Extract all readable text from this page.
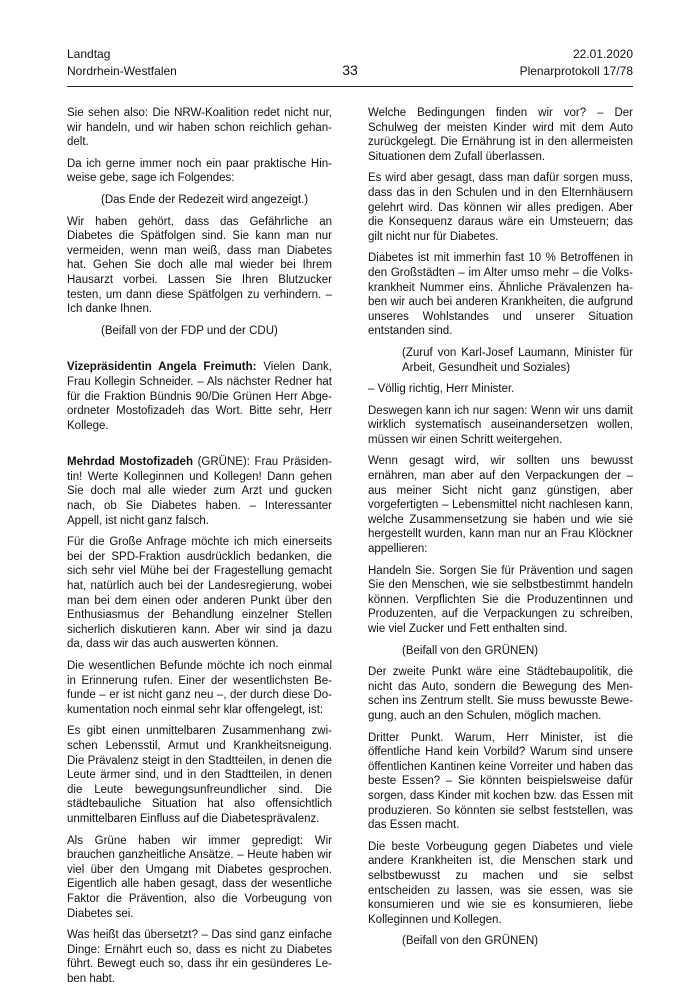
Landtag
Nordrhein-Westfalen	33
22.01.2020
Plenarprotokoll 17/78

Sie sehen also: Die NRW-Koalition redet nicht nur, wir handeln, und wir haben schon reichlich gehandelt.

Da ich gerne immer noch ein paar praktische Hinweise gebe, sage ich Folgendes:

(Das Ende der Redezeit wird angezeigt.)

Wir haben gehört, dass das Gefährliche an Diabetes die Spätfolgen sind. Sie kann man nur vermeiden, wenn man weiß, dass man Diabetes hat. Gehen Sie doch alle mal wieder bei Ihrem Hausarzt vorbei. Lassen Sie Ihren Blutzucker testen, um dann diese Spätfolgen zu verhindern. – Ich danke Ihnen.

(Beifall von der FDP und der CDU)

Vizepräsidentin Angela Freimuth: Vielen Dank, Frau Kollegin Schneider. – Als nächster Redner hat für die Fraktion Bündnis 90/Die Grünen Herr Abgeordneter Mostofizadeh das Wort. Bitte sehr, Herr Kollege.

Mehrdad Mostofizadeh (GRÜNE): Frau Präsidentin! Werte Kolleginnen und Kollegen! Dann gehen Sie doch mal alle wieder zum Arzt und gucken nach, ob Sie Diabetes haben. – Interessanter Appell, ist nicht ganz falsch.

Für die Große Anfrage möchte ich mich einerseits bei der SPD-Fraktion ausdrücklich bedanken, die sich sehr viel Mühe bei der Fragestellung gemacht hat, natürlich auch bei der Landesregierung, wobei man bei dem einen oder anderen Punkt über den Enthusiasmus der Behandlung einzelner Stellen sicherlich diskutieren kann. Aber wir sind ja dazu da, dass wir das auch auswerten können.

Die wesentlichen Befunde möchte ich noch einmal in Erinnerung rufen. Einer der wesentlichsten Befunde – er ist nicht ganz neu –, der durch diese Dokumentation noch einmal sehr klar offengelegt, ist:

Es gibt einen unmittelbaren Zusammenhang zwischen Lebensstil, Armut und Krankheitsneigung. Die Prävalenz steigt in den Stadtteilen, in denen die Leute ärmer sind, und in den Stadtteilen, in denen die Leute bewegungsunfreundlicher sind. Die städtebauliche Situation hat also offensichtlich unmittelbaren Einfluss auf die Diabetesprävalenz.

Als Grüne haben wir immer gepredigt: Wir brauchen ganzheitliche Ansätze. – Heute haben wir viel über den Umgang mit Diabetes gesprochen. Eigentlich alle haben gesagt, dass der wesentliche Faktor die Prävention, also die Vorbeugung von Diabetes sei.

Was heißt das übersetzt? – Das sind ganz einfache Dinge: Ernährt euch so, dass es nicht zu Diabetes führt. Bewegt euch so, dass ihr ein gesünderes Leben habt.

Welche Bedingungen finden wir vor? – Der Schulweg der meisten Kinder wird mit dem Auto zurückgelegt. Die Ernährung ist in den allermeisten Situationen dem Zufall überlassen.

Es wird aber gesagt, dass man dafür sorgen muss, dass das in den Schulen und in den Elternhäusern gelehrt wird. Das können wir alles predigen. Aber die Konsequenz daraus wäre ein Umsteuern; das gilt nicht nur für Diabetes.

Diabetes ist mit immerhin fast 10 % Betroffenen in den Großstädten – im Alter umso mehr – die Volkskrankheit Nummer eins. Ähnliche Prävalenzen haben wir auch bei anderen Krankheiten, die aufgrund unseres Wohlstandes und unserer Situation entstanden sind.

(Zuruf von Karl-Josef Laumann, Minister für Arbeit, Gesundheit und Soziales)

– Völlig richtig, Herr Minister.

Deswegen kann ich nur sagen: Wenn wir uns damit wirklich systematisch auseinandersetzen wollen, müssen wir einen Schritt weitergehen.

Wenn gesagt wird, wir sollten uns bewusst ernähren, man aber auf den Verpackungen der – aus meiner Sicht nicht ganz günstigen, aber vorgefertigten – Lebensmittel nicht nachlesen kann, welche Zusammensetzung sie haben und wie sie hergestellt wurden, kann man nur an Frau Klöckner appellieren:

Handeln Sie. Sorgen Sie für Prävention und sagen Sie den Menschen, wie sie selbstbestimmt handeln können. Verpflichten Sie die Produzentinnen und Produzenten, auf die Verpackungen zu schreiben, wie viel Zucker und Fett enthalten sind.

(Beifall von den GRÜNEN)

Der zweite Punkt wäre eine Städtebaupolitik, die nicht das Auto, sondern die Bewegung des Menschen ins Zentrum stellt. Sie muss bewusste Bewegung, auch an den Schulen, möglich machen.

Dritter Punkt. Warum, Herr Minister, ist die öffentliche Hand kein Vorbild? Warum sind unsere öffentlichen Kantinen keine Vorreiter und haben das beste Essen? – Sie könnten beispielsweise dafür sorgen, dass Kinder mit kochen bzw. das Essen mit produzieren. So könnten sie selbst feststellen, was das Essen macht.

Die beste Vorbeugung gegen Diabetes und viele andere Krankheiten ist, die Menschen stark und selbstbewusst zu machen und sie selbst entscheiden zu lassen, was sie essen, was sie konsumieren und wie sie es konsumieren, liebe Kolleginnen und Kollegen.

(Beifall von den GRÜNEN)
